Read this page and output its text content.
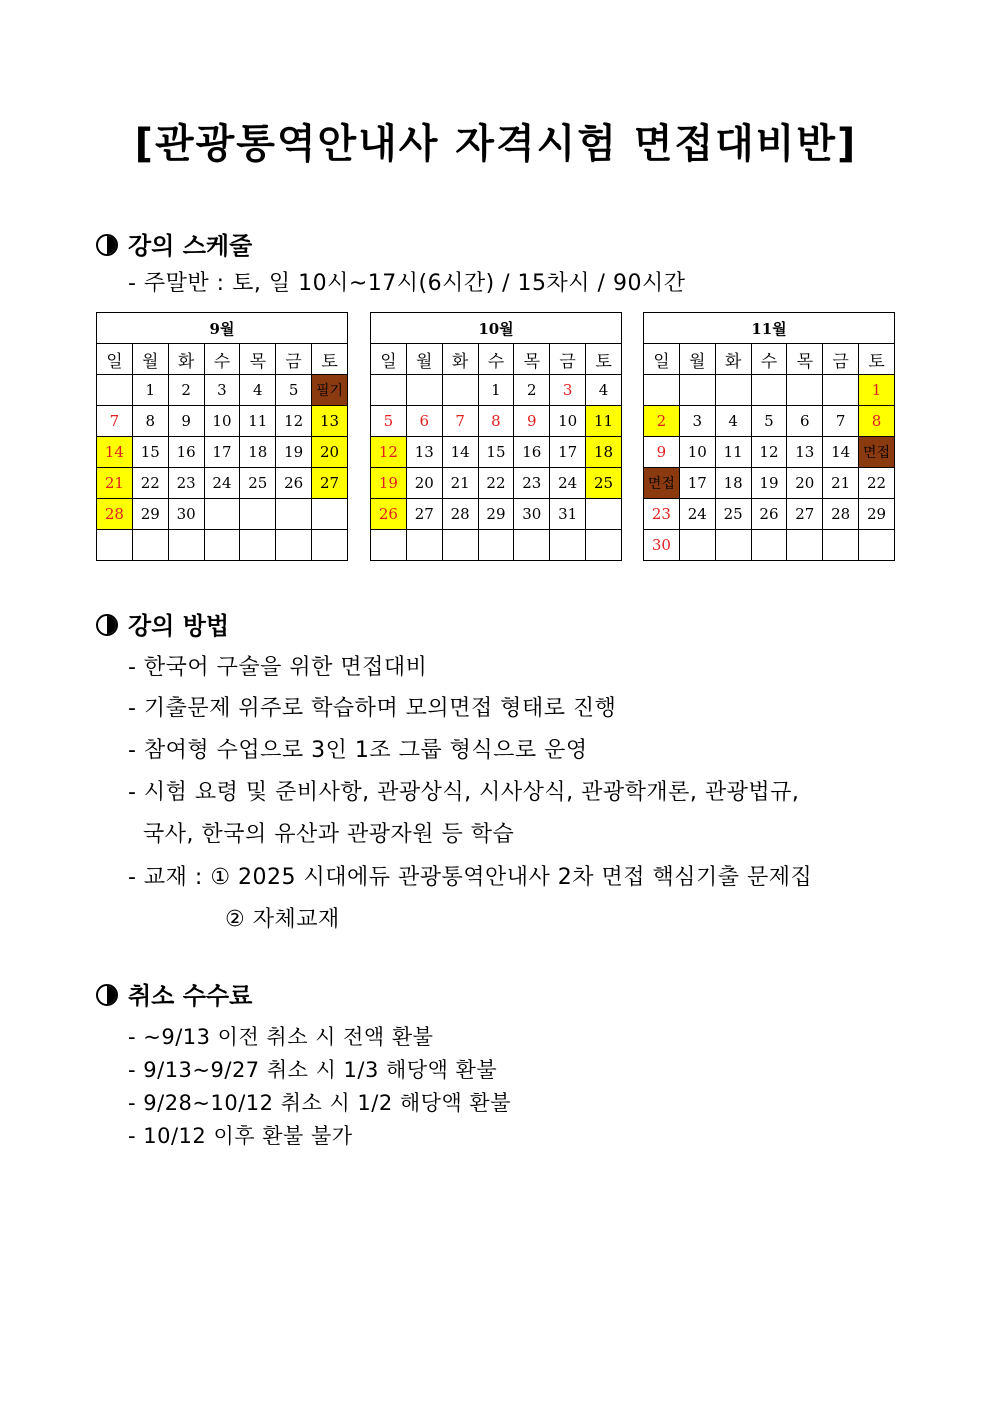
[관광통역안내사 자격시험 면접대비반]
강의 스케줄
- 주말반 : 토, 일 10시~17시(6시간) / 15차시 / 90시간
9월						
일	월	화	수	목	금	토
	1	2	3	4	5	필기
7	8	9	10	11	12	13
14	15	16	17	18	19	20
21	22	23	24	25	26	27
28	29	30				

10월						
일	월	화	수	목	금	토
			1	2	3	4
5	6	7	8	9	10	11
12	13	14	15	16	17	18
19	20	21	22	23	24	25
26	27	28	29	30	31	

11월						
일	월	화	수	목	금	토
						1
2	3	4	5	6	7	8
9	10	11	12	13	14	면접
면접	17	18	19	20	21	22
23	24	25	26	27	28	29
30						
강의 방법
- 한국어 구술을 위한 면접대비
- 기출문제 위주로 학습하며 모의면접 형태로 진행
- 참여형 수업으로 3인 1조 그룹 형식으로 운영
- 시험 요령 및 준비사항, 관광상식, 시사상식, 관광학개론, 관광법규,
국사, 한국의 유산과 관광자원 등 학습
- 교재 : ① 2025 시대에듀 관광통역안내사 2차 면접 핵심기출 문제집
② 자체교재
취소 수수료
- ~9/13 이전 취소 시 전액 환불
- 9/13~9/27 취소 시 1/3 해당액 환불
- 9/28~10/12 취소 시 1/2 해당액 환불
- 10/12 이후 환불 불가
